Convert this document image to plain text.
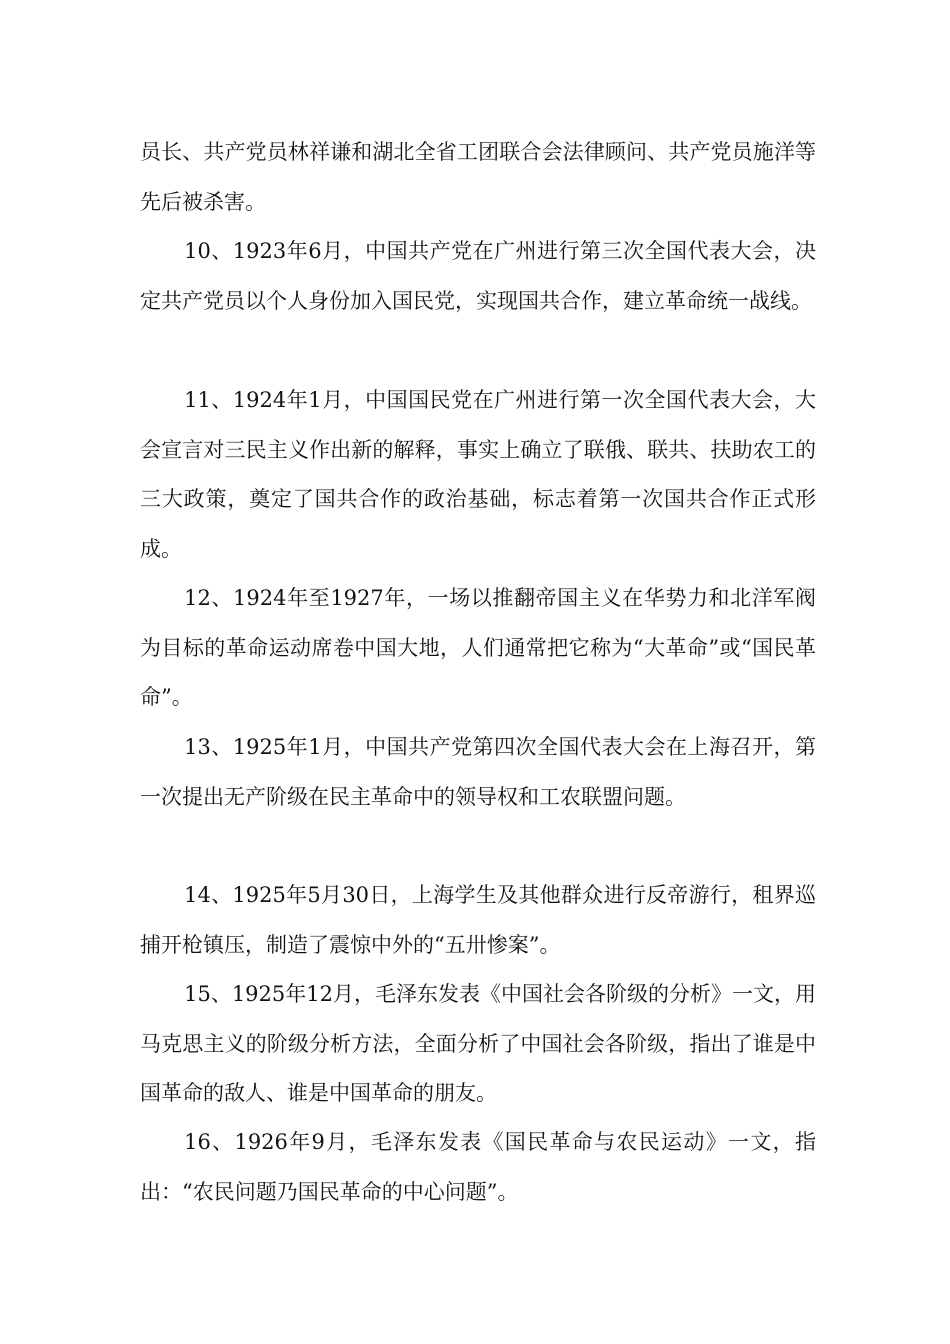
员长、共产党员林祥谦和湖北全省工团联合会法律顾问、共产党员施洋等先后被杀害。

10、1923年6月，中国共产党在广州进行第三次全国代表大会，决定共产党员以个人身份加入国民党，实现国共合作，建立革命统一战线。

11、1924年1月，中国国民党在广州进行第一次全国代表大会，大会宣言对三民主义作出新的解释，事实上确立了联俄、联共、扶助农工的三大政策，奠定了国共合作的政治基础，标志着第一次国共合作正式形成。

12、1924年至1927年，一场以推翻帝国主义在华势力和北洋军阀为目标的革命运动席卷中国大地，人们通常把它称为“大革命”或“国民革命”。

13、1925年1月，中国共产党第四次全国代表大会在上海召开，第一次提出无产阶级在民主革命中的领导权和工农联盟问题。

14、1925年5月30日，上海学生及其他群众进行反帝游行，租界巡捕开枪镇压，制造了震惊中外的“五卅惨案”。

15、1925年12月，毛泽东发表《中国社会各阶级的分析》一文，用马克思主义的阶级分析方法，全面分析了中国社会各阶级，指出了谁是中国革命的敌人、谁是中国革命的朋友。

16、1926年9月，毛泽东发表《国民革命与农民运动》一文，指出：“农民问题乃国民革命的中心问题”。
